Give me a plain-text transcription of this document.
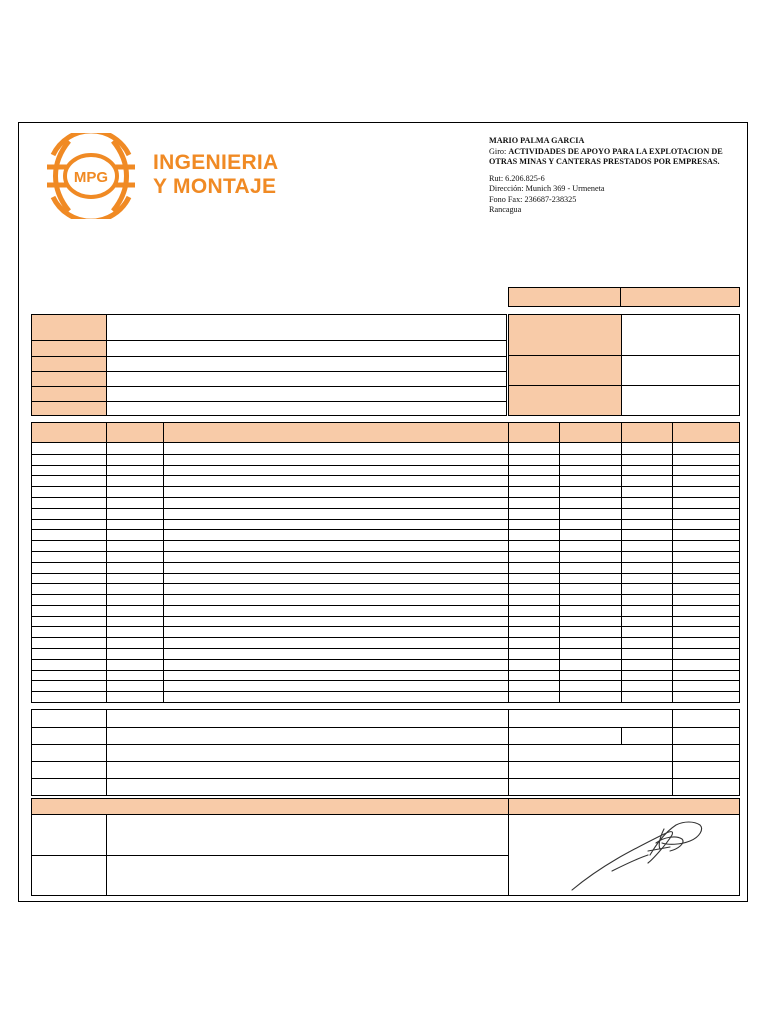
MPG
INGENIERIA
Y MONTAJE
MARIO PALMA GARCIA
Giro: ACTIVIDADES DE APOYO PARA LA EXPLOTACION DE OTRAS MINAS Y CANTERAS PRESTADOS POR EMPRESAS.
Rut: 6.206.825-6
Dirección: Munich 369 - Urmeneta
Fono Fax: 236687-238325
Rancagua
